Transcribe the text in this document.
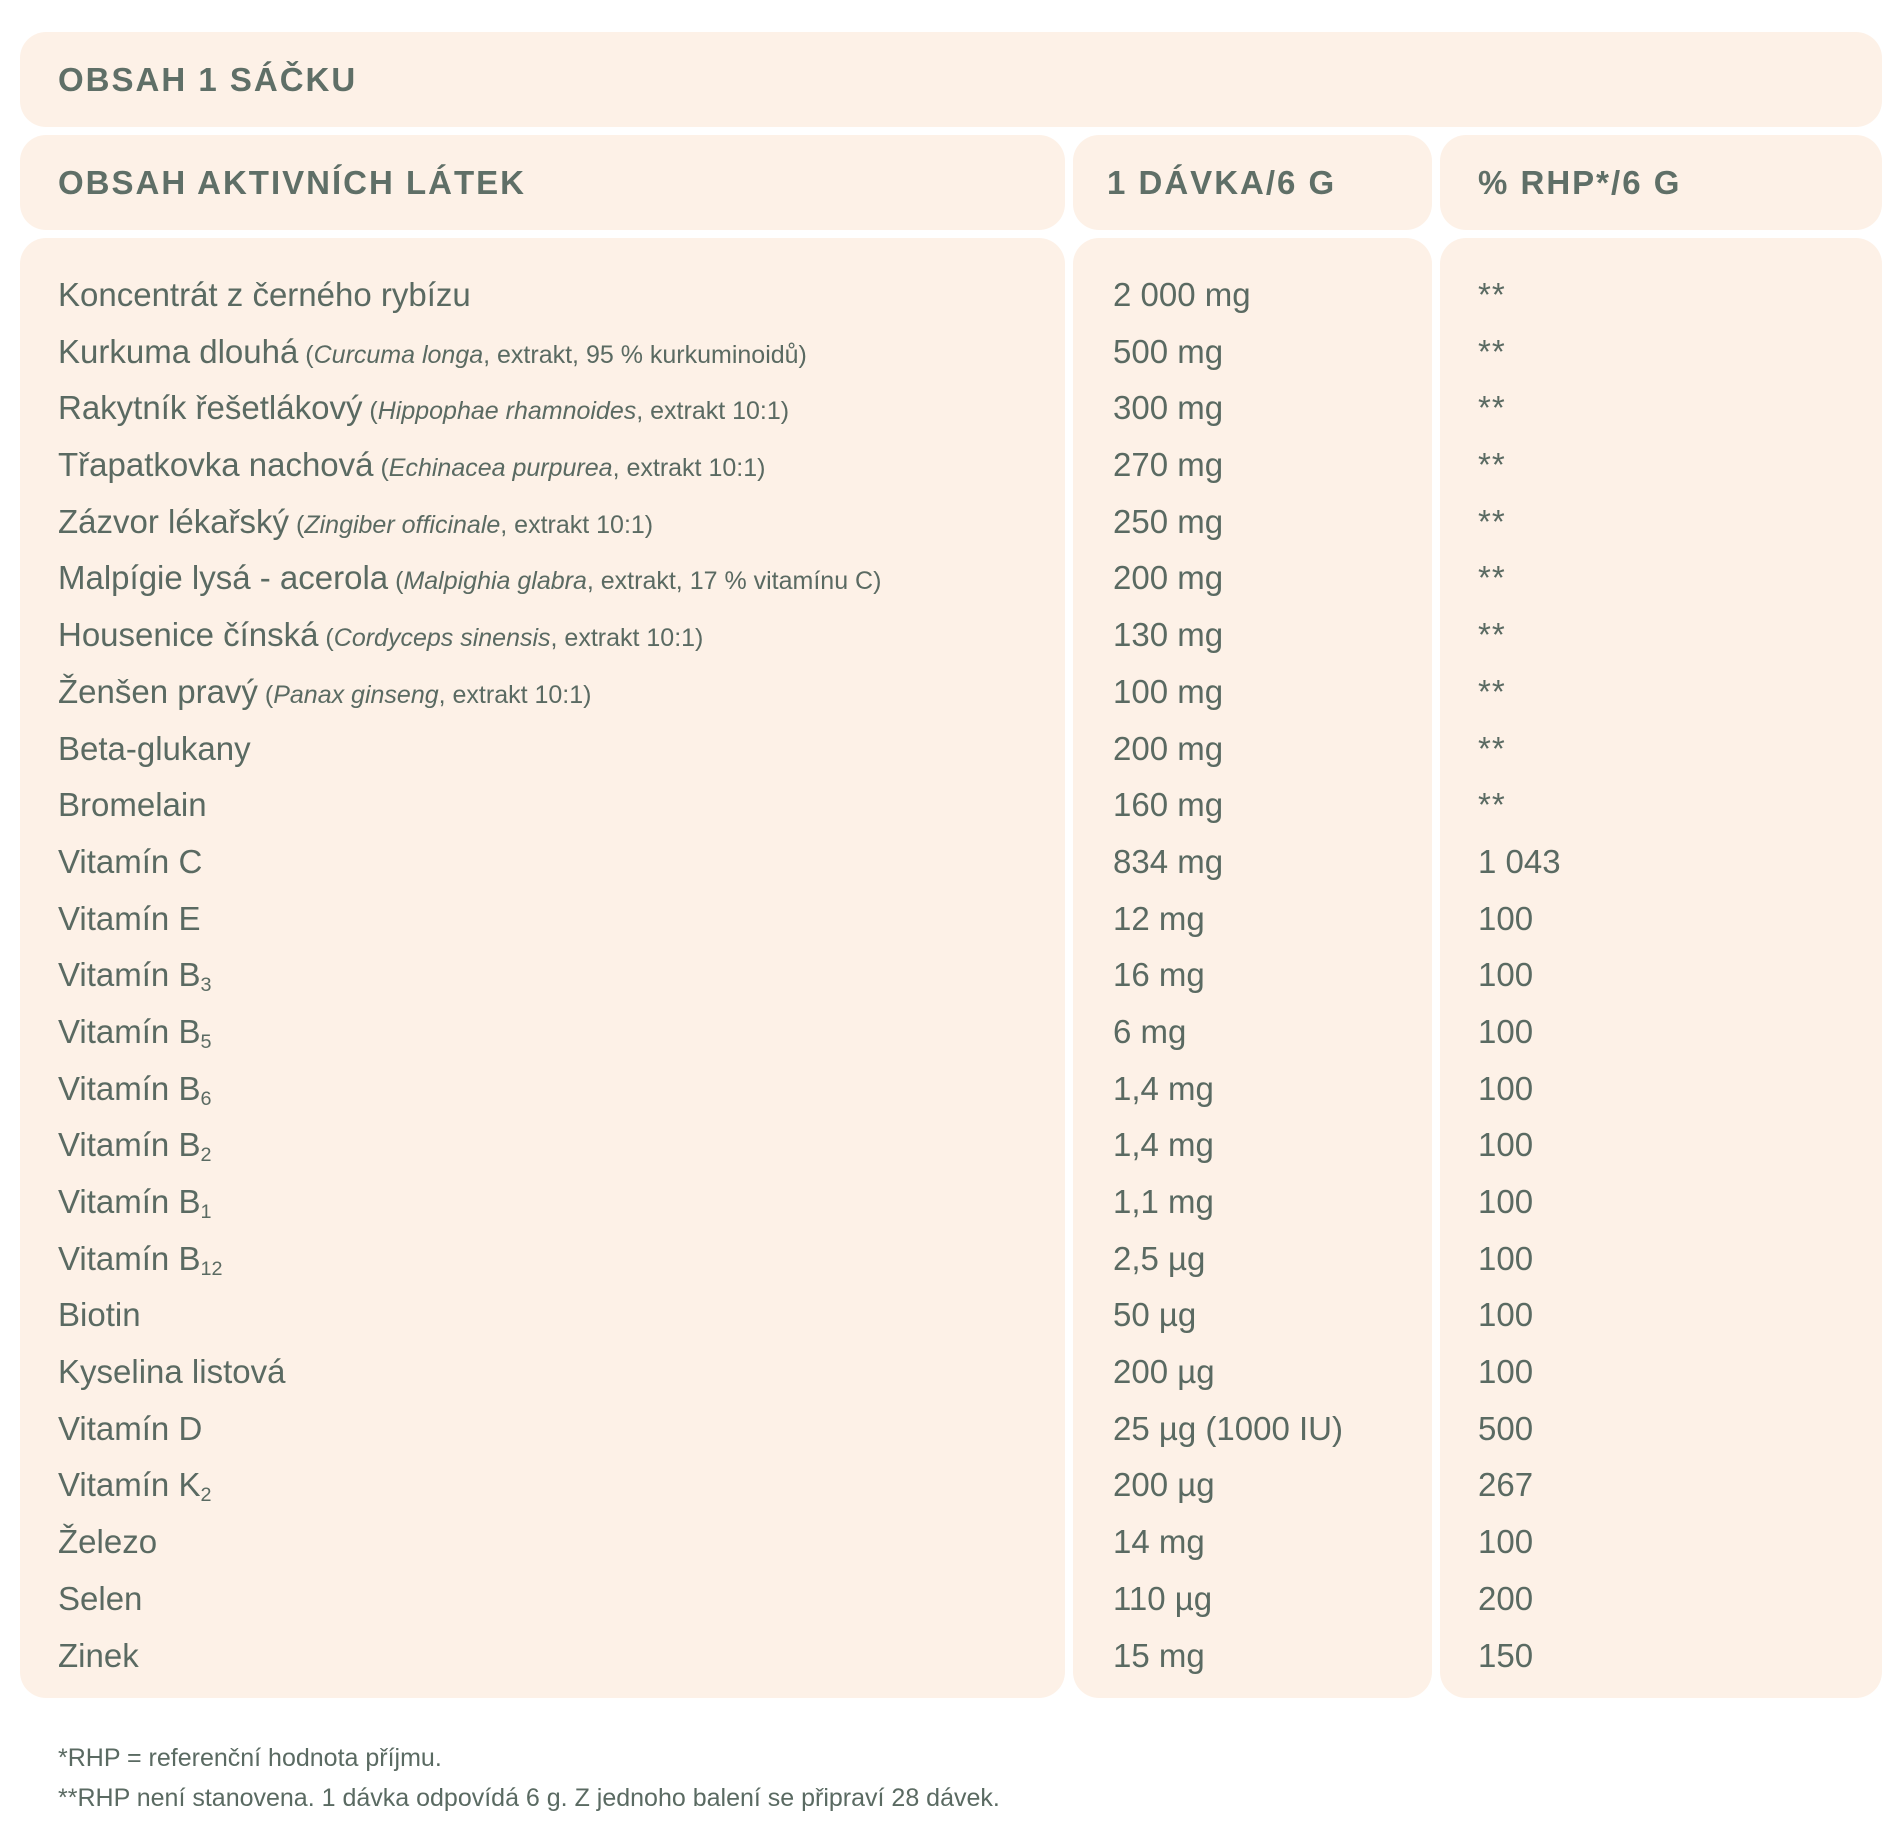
OBSAH 1 SÁČKU
OBSAH AKTIVNÍCH LÁTEK	1 DÁVKA/6 G	% RHP*/6 G
Koncentrát z černého rybízu
Kurkuma dlouhá (Curcuma longa, extrakt, 95 % kurkuminoidů)
Rakytník řešetlákový (Hippophae rhamnoides, extrakt 10:1)
Třapatkovka nachová (Echinacea purpurea, extrakt 10:1)
Zázvor lékařský (Zingiber officinale, extrakt 10:1)
Malpígie lysá - acerola (Malpighia glabra, extrakt, 17 % vitamínu C)
Housenice čínská (Cordyceps sinensis, extrakt 10:1)
Ženšen pravý (Panax ginseng, extrakt 10:1)
Beta-glukany
Bromelain
Vitamín C
Vitamín E
Vitamín $B_3$
Vitamín $B_5$
Vitamín $B_6$
Vitamín $B_2$
Vitamín $B_1$
Vitamín $B_{12}$
Biotin
Kyselina listová
Vitamín D
Vitamín $K_2$
Železo
Selen
Zinek
2 000 mg
500 mg
300 mg
270 mg
250 mg
200 mg
130 mg
100 mg
200 mg
160 mg
834 mg
12 mg
16 mg
6 mg
1,4 mg
1,4 mg
1,1 mg
2,5 µg
50 µg
200 µg
25 µg (1000 IU)
200 µg
14 mg
110 µg
15 mg
**
**
**
**
**
**
**
**
**
**
1 043
100
100
100
100
100
100
100
100
100
500
267
100
200
150
*RHP = referenční hodnota příjmu.
**RHP není stanovena. 1 dávka odpovídá 6 g. Z jednoho balení se připraví 28 dávek.
